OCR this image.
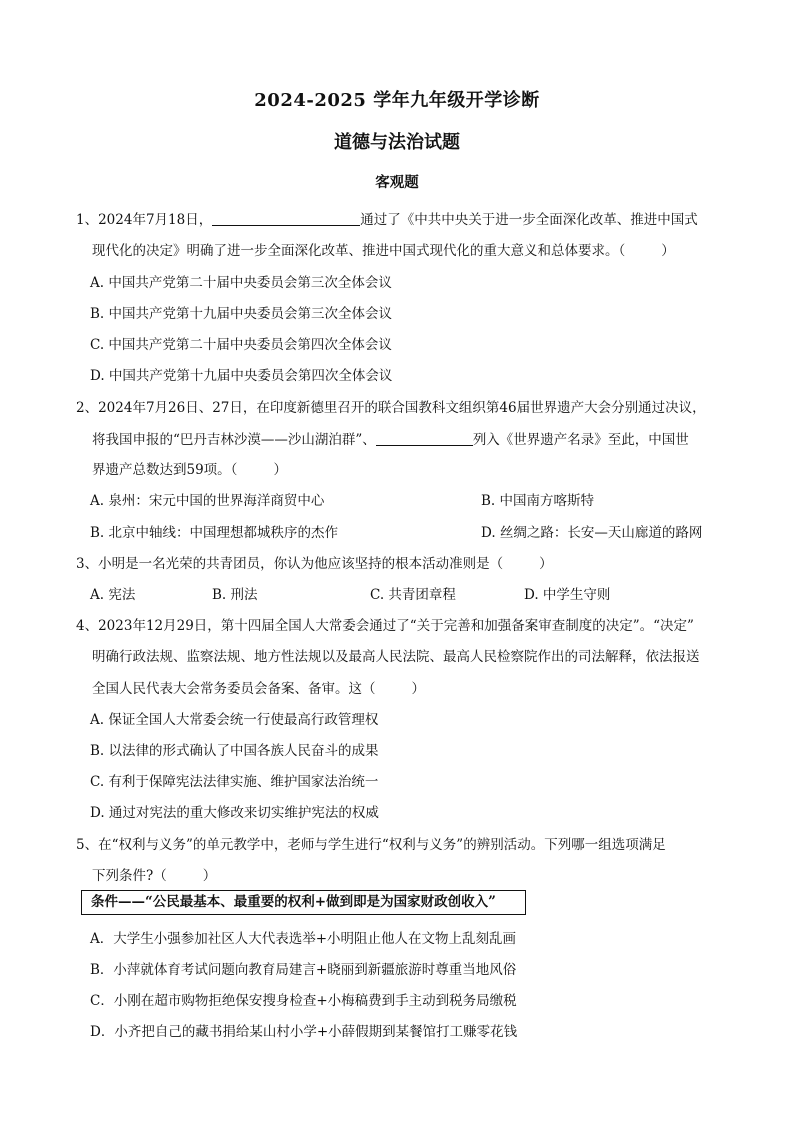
2024-2025 学年九年级开学诊断
道德与法治试题
客观题
1、2024年7月18日，	通过了《中共中央关于进一步全面深化改革、推进中国式
现代化的决定》明确了进一步全面深化改革、推进中国式现代化的重大意义和总体要求。（	）
A. 中国共产党第二十届中央委员会第三次全体会议
B. 中国共产党第十九届中央委员会第三次全体会议
C. 中国共产党第二十届中央委员会第四次全体会议
D. 中国共产党第十九届中央委员会第四次全体会议
2、2024年7月26日、27日，在印度新德里召开的联合国教科文组织第46届世界遗产大会分别通过决议，
将我国申报的“巴丹吉林沙漠——沙山湖泊群”、	列入《世界遗产名录》至此，中国世
界遗产总数达到59项。（	）
A. 泉州：宋元中国的世界海洋商贸中心	B. 中国南方喀斯特
B. 北京中轴线：中国理想都城秩序的杰作	D. 丝绸之路：长安—天山廊道的路网
3、小明是一名光荣的共青团员，你认为他应该坚持的根本活动准则是（	）
A. 宪法	B. 刑法	C. 共青团章程	D. 中学生守则
4、2023年12月29日，第十四届全国人大常委会通过了“关于完善和加强备案审查制度的决定”。“决定”
明确行政法规、监察法规、地方性法规以及最高人民法院、最高人民检察院作出的司法解释，依法报送
全国人民代表大会常务委员会备案、备审。这（	）
A. 保证全国人大常委会统一行使最高行政管理权
B. 以法律的形式确认了中国各族人民奋斗的成果
C. 有利于保障宪法法律实施、维护国家法治统一
D. 通过对宪法的重大修改来切实维护宪法的权威
5、在“权利与义务”的单元教学中，老师与学生进行“权利与义务”的辨别活动。下列哪一组选项满足
下列条件?（	）
条件——“公民最基本、最重要的权利+做到即是为国家财政创收入”
A．大学生小强参加社区人大代表选举+小明阻止他人在文物上乱刻乱画
B．小萍就体育考试问题向教育局建言+晓丽到新疆旅游时尊重当地风俗
C．小刚在超市购物拒绝保安搜身检查+小梅稿费到手主动到税务局缴税
D．小齐把自己的藏书捐给某山村小学+小薛假期到某餐馆打工赚零花钱
